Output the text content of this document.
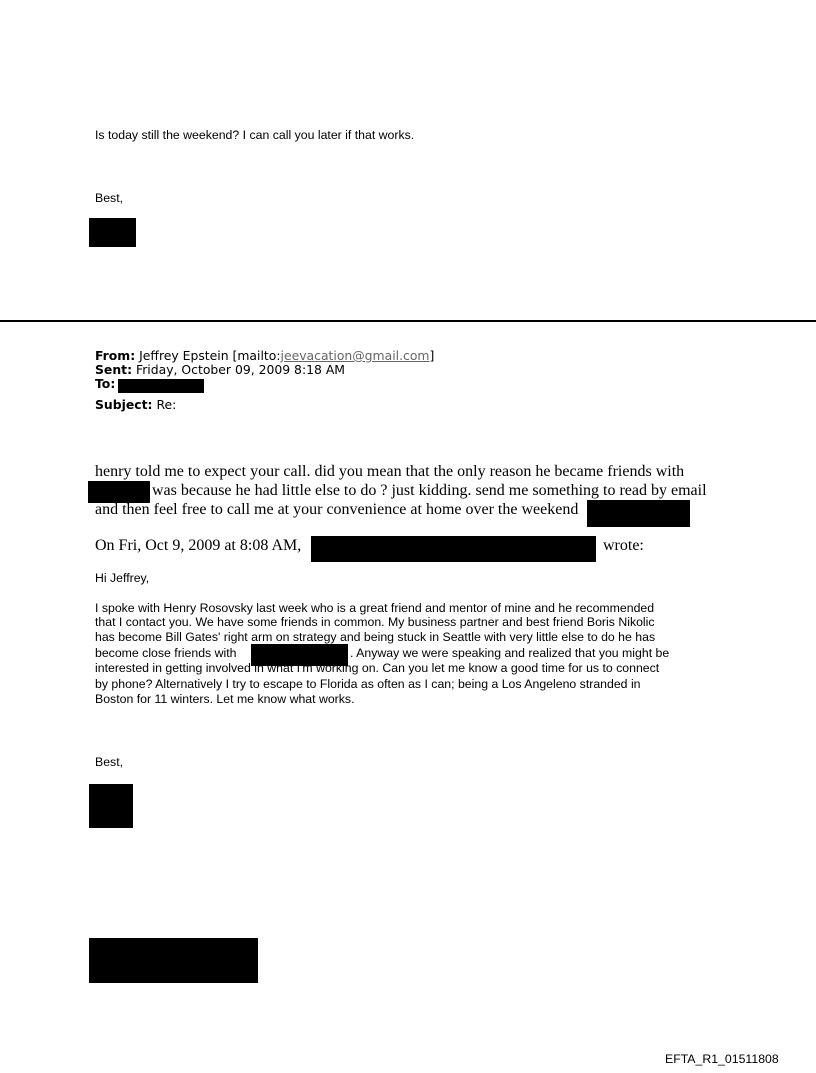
Is today still the weekend? I can call you later if that works.
Best,
From: Jeffrey Epstein [mailto:jeevacation@gmail.com]
Sent: Friday, October 09, 2009 8:18 AM
To:
Subject: Re:
henry told me to expect your call. did you mean that the only reason he became friends with
was because he had little else to do ? just kidding. send me something to read by email
and then feel free to call me at your convenience at home over the weekend
On Fri, Oct 9, 2009 at 8:08 AM,	wrote:
Hi Jeffrey,
I spoke with Henry Rosovsky last week who is a great friend and mentor of mine and he recommended
that I contact you. We have some friends in common. My business partner and best friend Boris Nikolic
has become Bill Gates' right arm on strategy and being stuck in Seattle with very little else to do he has
become close friends with	. Anyway we were speaking and realized that you might be
interested in getting involved in what I'm working on. Can you let me know a good time for us to connect
by phone? Alternatively I try to escape to Florida as often as I can; being a Los Angeleno stranded in
Boston for 11 winters. Let me know what works.
Best,
EFTA_R1_01511808
